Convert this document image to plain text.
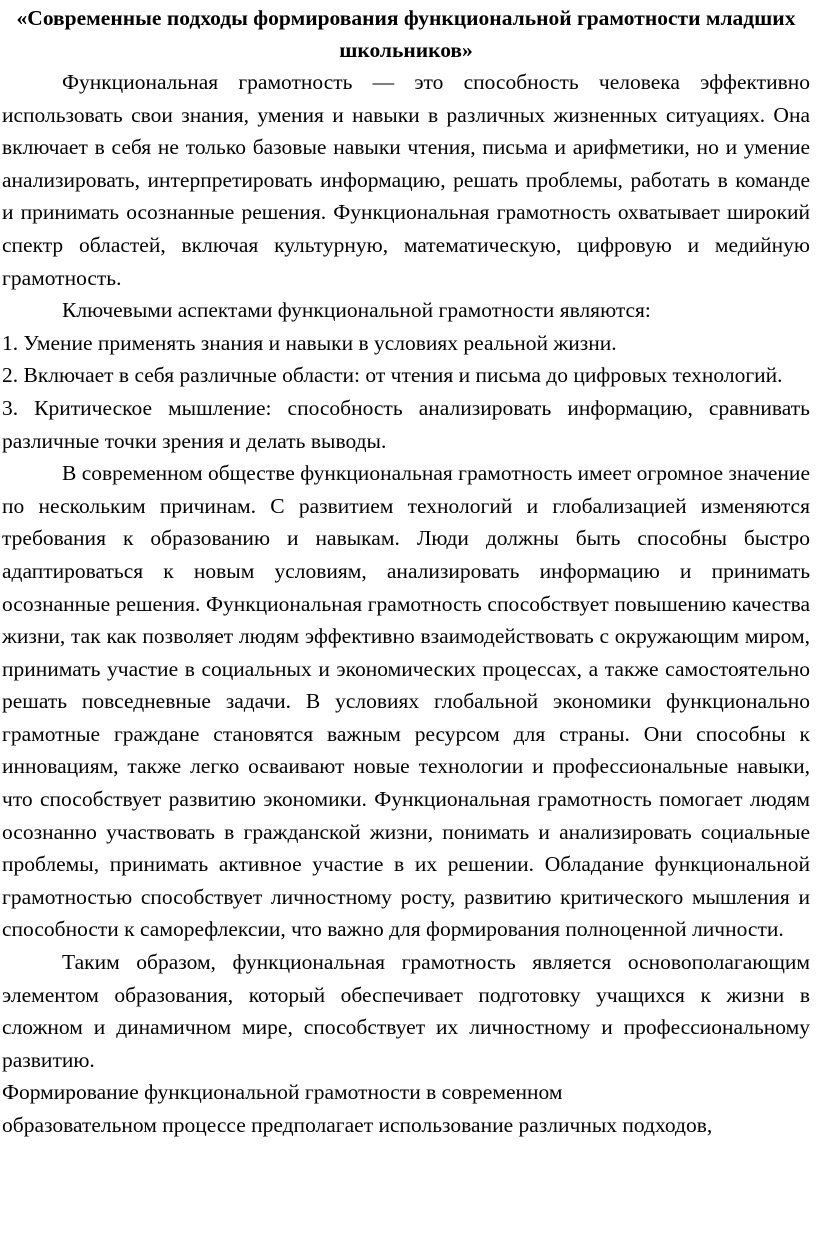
«Современные подходы формирования функциональной грамотности младших школьников»

Функциональная грамотность — это способность человека эффективно использовать свои знания, умения и навыки в различных жизненных ситуациях. Она включает в себя не только базовые навыки чтения, письма и арифметики, но и умение анализировать, интерпретировать информацию, решать проблемы, работать в команде и принимать осознанные решения. Функциональная грамотность охватывает широкий спектр областей, включая культурную, математическую, цифровую и медийную грамотность.

Ключевыми аспектами функциональной грамотности являются:

1. Умение применять знания и навыки в условиях реальной жизни.

2. Включает в себя различные области: от чтения и письма до цифровых технологий.

3. Критическое мышление: способность анализировать информацию, сравнивать различные точки зрения и делать выводы.

В современном обществе функциональная грамотность имеет огромное значение по нескольким причинам. С развитием технологий и глобализацией изменяются требования к образованию и навыкам. Люди должны быть способны быстро адаптироваться к новым условиям, анализировать информацию и принимать осознанные решения. Функциональная грамотность способствует повышению качества жизни, так как позволяет людям эффективно взаимодействовать с окружающим миром, принимать участие в социальных и экономических процессах, а также самостоятельно решать повседневные задачи. В условиях глобальной экономики функционально грамотные граждане становятся важным ресурсом для страны. Они способны к инновациям, также легко осваивают новые технологии и профессиональные навыки, что способствует развитию экономики. Функциональная грамотность помогает людям осознанно участвовать в гражданской жизни, понимать и анализировать социальные проблемы, принимать активное участие в их решении. Обладание функциональной грамотностью способствует личностному росту, развитию критического мышления и способности к саморефлексии, что важно для формирования полноценной личности.

Таким образом, функциональная грамотность является основополагающим элементом образования, который обеспечивает подготовку учащихся к жизни в сложном и динамичном мире, способствует их личностному и профессиональному развитию.

Формирование функциональной грамотности в современном

образовательном процессе предполагает использование различных подходов,
